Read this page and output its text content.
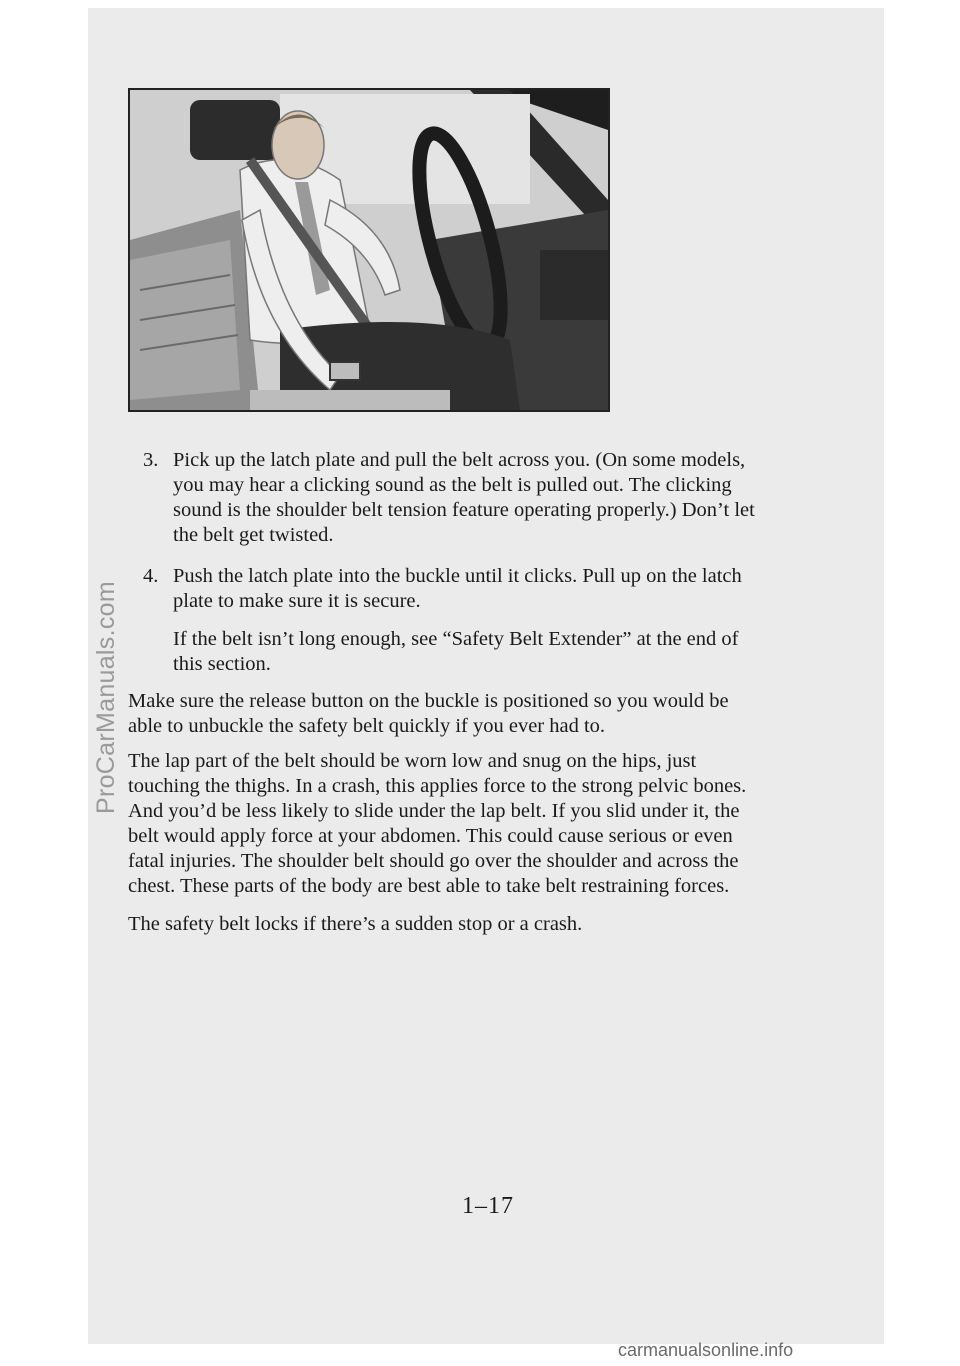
3. Pick up the latch plate and pull the belt across you. (On some models,
you may hear a clicking sound as the belt is pulled out. The clicking
sound is the shoulder belt tension feature operating properly.) Don’t let
the belt get twisted.
4. Push the latch plate into the buckle until it clicks. Pull up on the latch
plate to make sure it is secure.
If the belt isn’t long enough, see “Safety Belt Extender” at the end of
this section.
Make sure the release button on the buckle is positioned so you would be
able to unbuckle the safety belt quickly if you ever had to.
The lap part of the belt should be worn low and snug on the hips, just
touching the thighs. In a crash, this applies force to the strong pelvic bones.
And you’d be less likely to slide under the lap belt. If you slid under it, the
belt would apply force at your abdomen. This could cause serious or even
fatal injuries. The shoulder belt should go over the shoulder and across the
chest. These parts of the body are best able to take belt restraining forces.
The safety belt locks if there’s a sudden stop or a crash.
1–17
ProCarManuals.com
carmanualsonline.info
